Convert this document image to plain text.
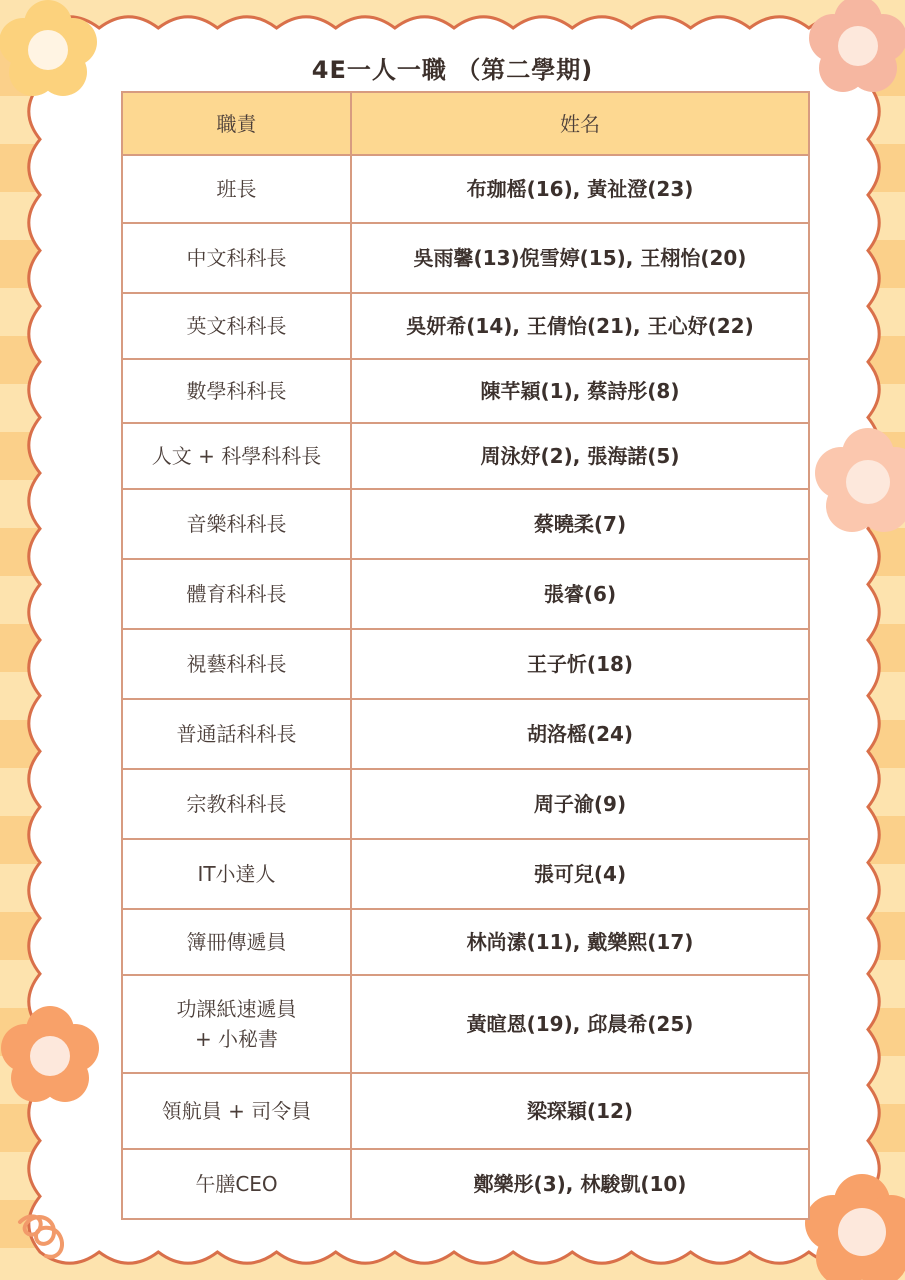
4E一人一職 （第二學期)
職責	姓名
班長	布珈榣(16), 黃祉澄(23)
中文科科長	吳雨馨(13)倪雪婷(15), 王栩怡(20)
英文科科長	吳妍希(14), 王倩怡(21), 王心妤(22)
數學科科長	陳芊穎(1), 蔡詩彤(8)
人文 + 科學科科長	周泳妤(2), 張海諾(5)
音樂科科長	蔡曉柔(7)
體育科科長	張睿(6)
視藝科科長	王子忻(18)
普通話科科長	胡洛榣(24)
宗教科科長	周子渝(9)
IT小達人	張可兒(4)
簿冊傳遞員	林尚溸(11), 戴樂熙(17)

功課紙速遞員
+ 小秘書	黃暄恩(19), 邱晨希(25)
領航員 + 司令員	梁琛穎(12)
午膳CEO	鄭樂彤(3), 林駿凱(10)
